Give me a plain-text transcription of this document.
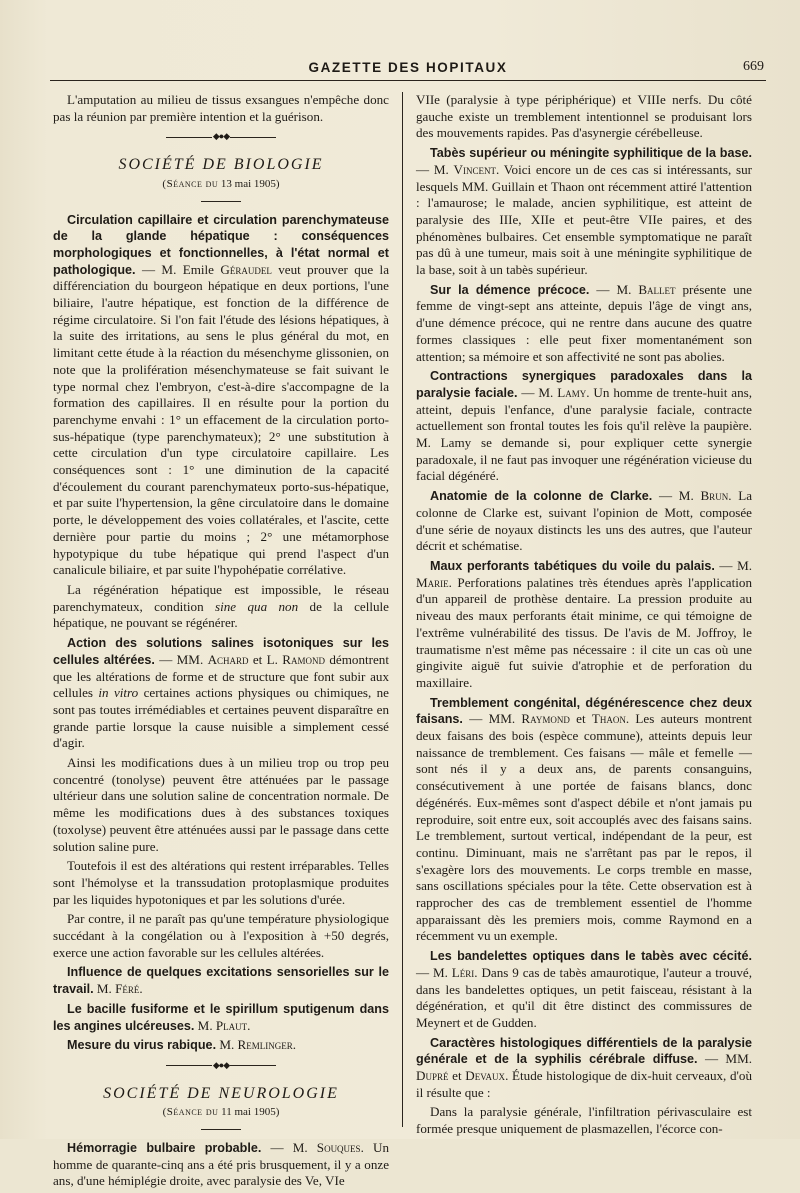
GAZETTE DES HOPITAUX	669

L'amputation au milieu de tissus exsangues n'empêche donc pas la réunion par première intention et la guérison.

◆●◆
SOCIÉTÉ DE BIOLOGIE
(Séance du 13 mai 1905)

Circulation capillaire et circulation parenchymateuse de la glande hépatique : conséquences morphologiques et fonctionnelles, à l'état normal et pathologique. — M. Emile Géraudel veut prouver que la différenciation du bourgeon hépatique en deux portions, l'une biliaire, l'autre hépatique, est fonction de la différence de régime circulatoire. Si l'on fait l'étude des lésions hépatiques, à la suite des irritations, au sens le plus général du mot, en limitant cette étude à la réaction du mésenchyme glissonien, on note que la prolifération mésenchymateuse se fait suivant le type normal chez l'embryon, c'est-à-dire s'accompagne de la formation des capillaires. Il en résulte pour la portion du parenchyme envahi : 1° un effacement de la circulation porto-sus-hépatique (type parenchymateux); 2° une substitution à cette circulation d'un type circulatoire capillaire. Les conséquences sont : 1° une diminution de la capacité d'écoulement du courant parenchymateux porto-sus-hépatique, et par suite l'hypertension, la gêne circulatoire dans le domaine porte, le développement des voies collatérales, et l'ascite, cette dernière pour partie du moins ; 2° une métamorphose hypotypique du tube hépatique qui prend l'aspect d'un canalicule biliaire, et par suite l'hypohépatie corrélative.

La régénération hépatique est impossible, le réseau parenchymateux, condition sine qua non de la cellule hépatique, ne pouvant se régénérer.

Action des solutions salines isotoniques sur les cellules altérées. — MM. Achard et L. Ramond démontrent que les altérations de forme et de structure que font subir aux cellules in vitro certaines actions physiques ou chimiques, ne sont pas toutes irrémédiables et certaines peuvent disparaître en grande partie lorsque la cause nuisible a simplement cessé d'agir.

Ainsi les modifications dues à un milieu trop ou trop peu concentré (tonolyse) peuvent être atténuées par le passage ultérieur dans une solution saline de concentration normale. De même les modifications dues à des substances toxiques (toxolyse) peuvent être atténuées aussi par le passage dans cette solution saline pure.

Toutefois il est des altérations qui restent irréparables. Telles sont l'hémolyse et la transsudation protoplasmique produites par les liquides hypotoniques et par les solutions d'urée.

Par contre, il ne paraît pas qu'une température physiologique succédant à la congélation ou à l'exposition à +50 degrés, exerce une action favorable sur les cellules altérées.

Influence de quelques excitations sensorielles sur le travail. M. Féré.

Le bacille fusiforme et le spirillum sputigenum dans les angines ulcéreuses. M. Plaut.

Mesure du virus rabique. M. Remlinger.

◆●◆
SOCIÉTÉ DE NEUROLOGIE
(Séance du 11 mai 1905)

Hémorragie bulbaire probable. — M. Souques. Un homme de quarante-cinq ans a été pris brusquement, il y a onze ans, d'une hémiplégie droite, avec paralysie des Ve, VIe

VIIe (paralysie à type périphérique) et VIIIe nerfs. Du côté gauche existe un tremblement intentionnel se produisant lors des mouvements rapides. Pas d'asynergie cérébelleuse.

Tabès supérieur ou méningite syphilitique de la base. — M. Vincent. Voici encore un de ces cas si intéressants, sur lesquels MM. Guillain et Thaon ont récemment attiré l'attention : l'amaurose; le malade, ancien syphilitique, est atteint de paralysie des IIIe, XIIe et peut-être VIIe paires, et des phénomènes bulbaires. Cet ensemble symptomatique ne paraît pas dû à une tumeur, mais soit à une méningite syphilitique de la base, soit à un tabès supérieur.

Sur la démence précoce. — M. Ballet présente une femme de vingt-sept ans atteinte, depuis l'âge de vingt ans, d'une démence précoce, qui ne rentre dans aucune des quatre formes classiques : elle peut fixer momentanément son attention; sa mémoire et son affectivité ne sont pas abolies.

Contractions synergiques paradoxales dans la paralysie faciale. — M. Lamy. Un homme de trente-huit ans, atteint, depuis l'enfance, d'une paralysie faciale, contracte actuellement son frontal toutes les fois qu'il relève la paupière. M. Lamy se demande si, pour expliquer cette synergie paradoxale, il ne faut pas invoquer une régénération vicieuse du facial dégénéré.

Anatomie de la colonne de Clarke. — M. Brun. La colonne de Clarke est, suivant l'opinion de Mott, composée d'une série de noyaux distincts les uns des autres, que l'auteur décrit et schématise.

Maux perforants tabétiques du voile du palais. — M. Marie. Perforations palatines très étendues après l'application d'un appareil de prothèse dentaire. La pression produite au niveau des maux perforants était minime, ce qui témoigne de l'extrême vulnérabilité des tissus. De l'avis de M. Joffroy, le traumatisme n'est même pas nécessaire : il cite un cas où une gingivite aiguë fut suivie d'atrophie et de perforation du maxillaire.

Tremblement congénital, dégénérescence chez deux faisans. — MM. Raymond et Thaon. Les auteurs montrent deux faisans des bois (espèce commune), atteints depuis leur naissance de tremblement. Ces faisans — mâle et femelle — sont nés il y a deux ans, de parents consanguins, consécutivement à une portée de faisans blancs, donc dégénérés. Eux-mêmes sont d'aspect débile et n'ont jamais pu reproduire, soit entre eux, soit accouplés avec des faisans sains. Le tremblement, surtout vertical, indépendant de la peur, est continu. Diminuant, mais ne s'arrêtant pas par le repos, il s'exagère lors des mouvements. Le corps tremble en masse, sans oscillations spéciales pour la tête. Cette observation est à rapprocher des cas de tremblement essentiel de l'homme apparaissant dès les premiers mois, comme Raymond en a récemment vu un exemple.

Les bandelettes optiques dans le tabès avec cécité. — M. Léri. Dans 9 cas de tabès amaurotique, l'auteur a trouvé, dans les bandelettes optiques, un petit faisceau, résistant à la dégénération, et qu'il dit être distinct des commissures de Meynert et de Gudden.

Caractères histologiques différentiels de la paralysie générale et de la syphilis cérébrale diffuse. — MM. Dupré et Devaux. Étude histologique de dix-huit cerveaux, d'où il résulte que :

Dans la paralysie générale, l'infiltration périvasculaire est formée presque uniquement de plasmazellen, l'écorce con-
